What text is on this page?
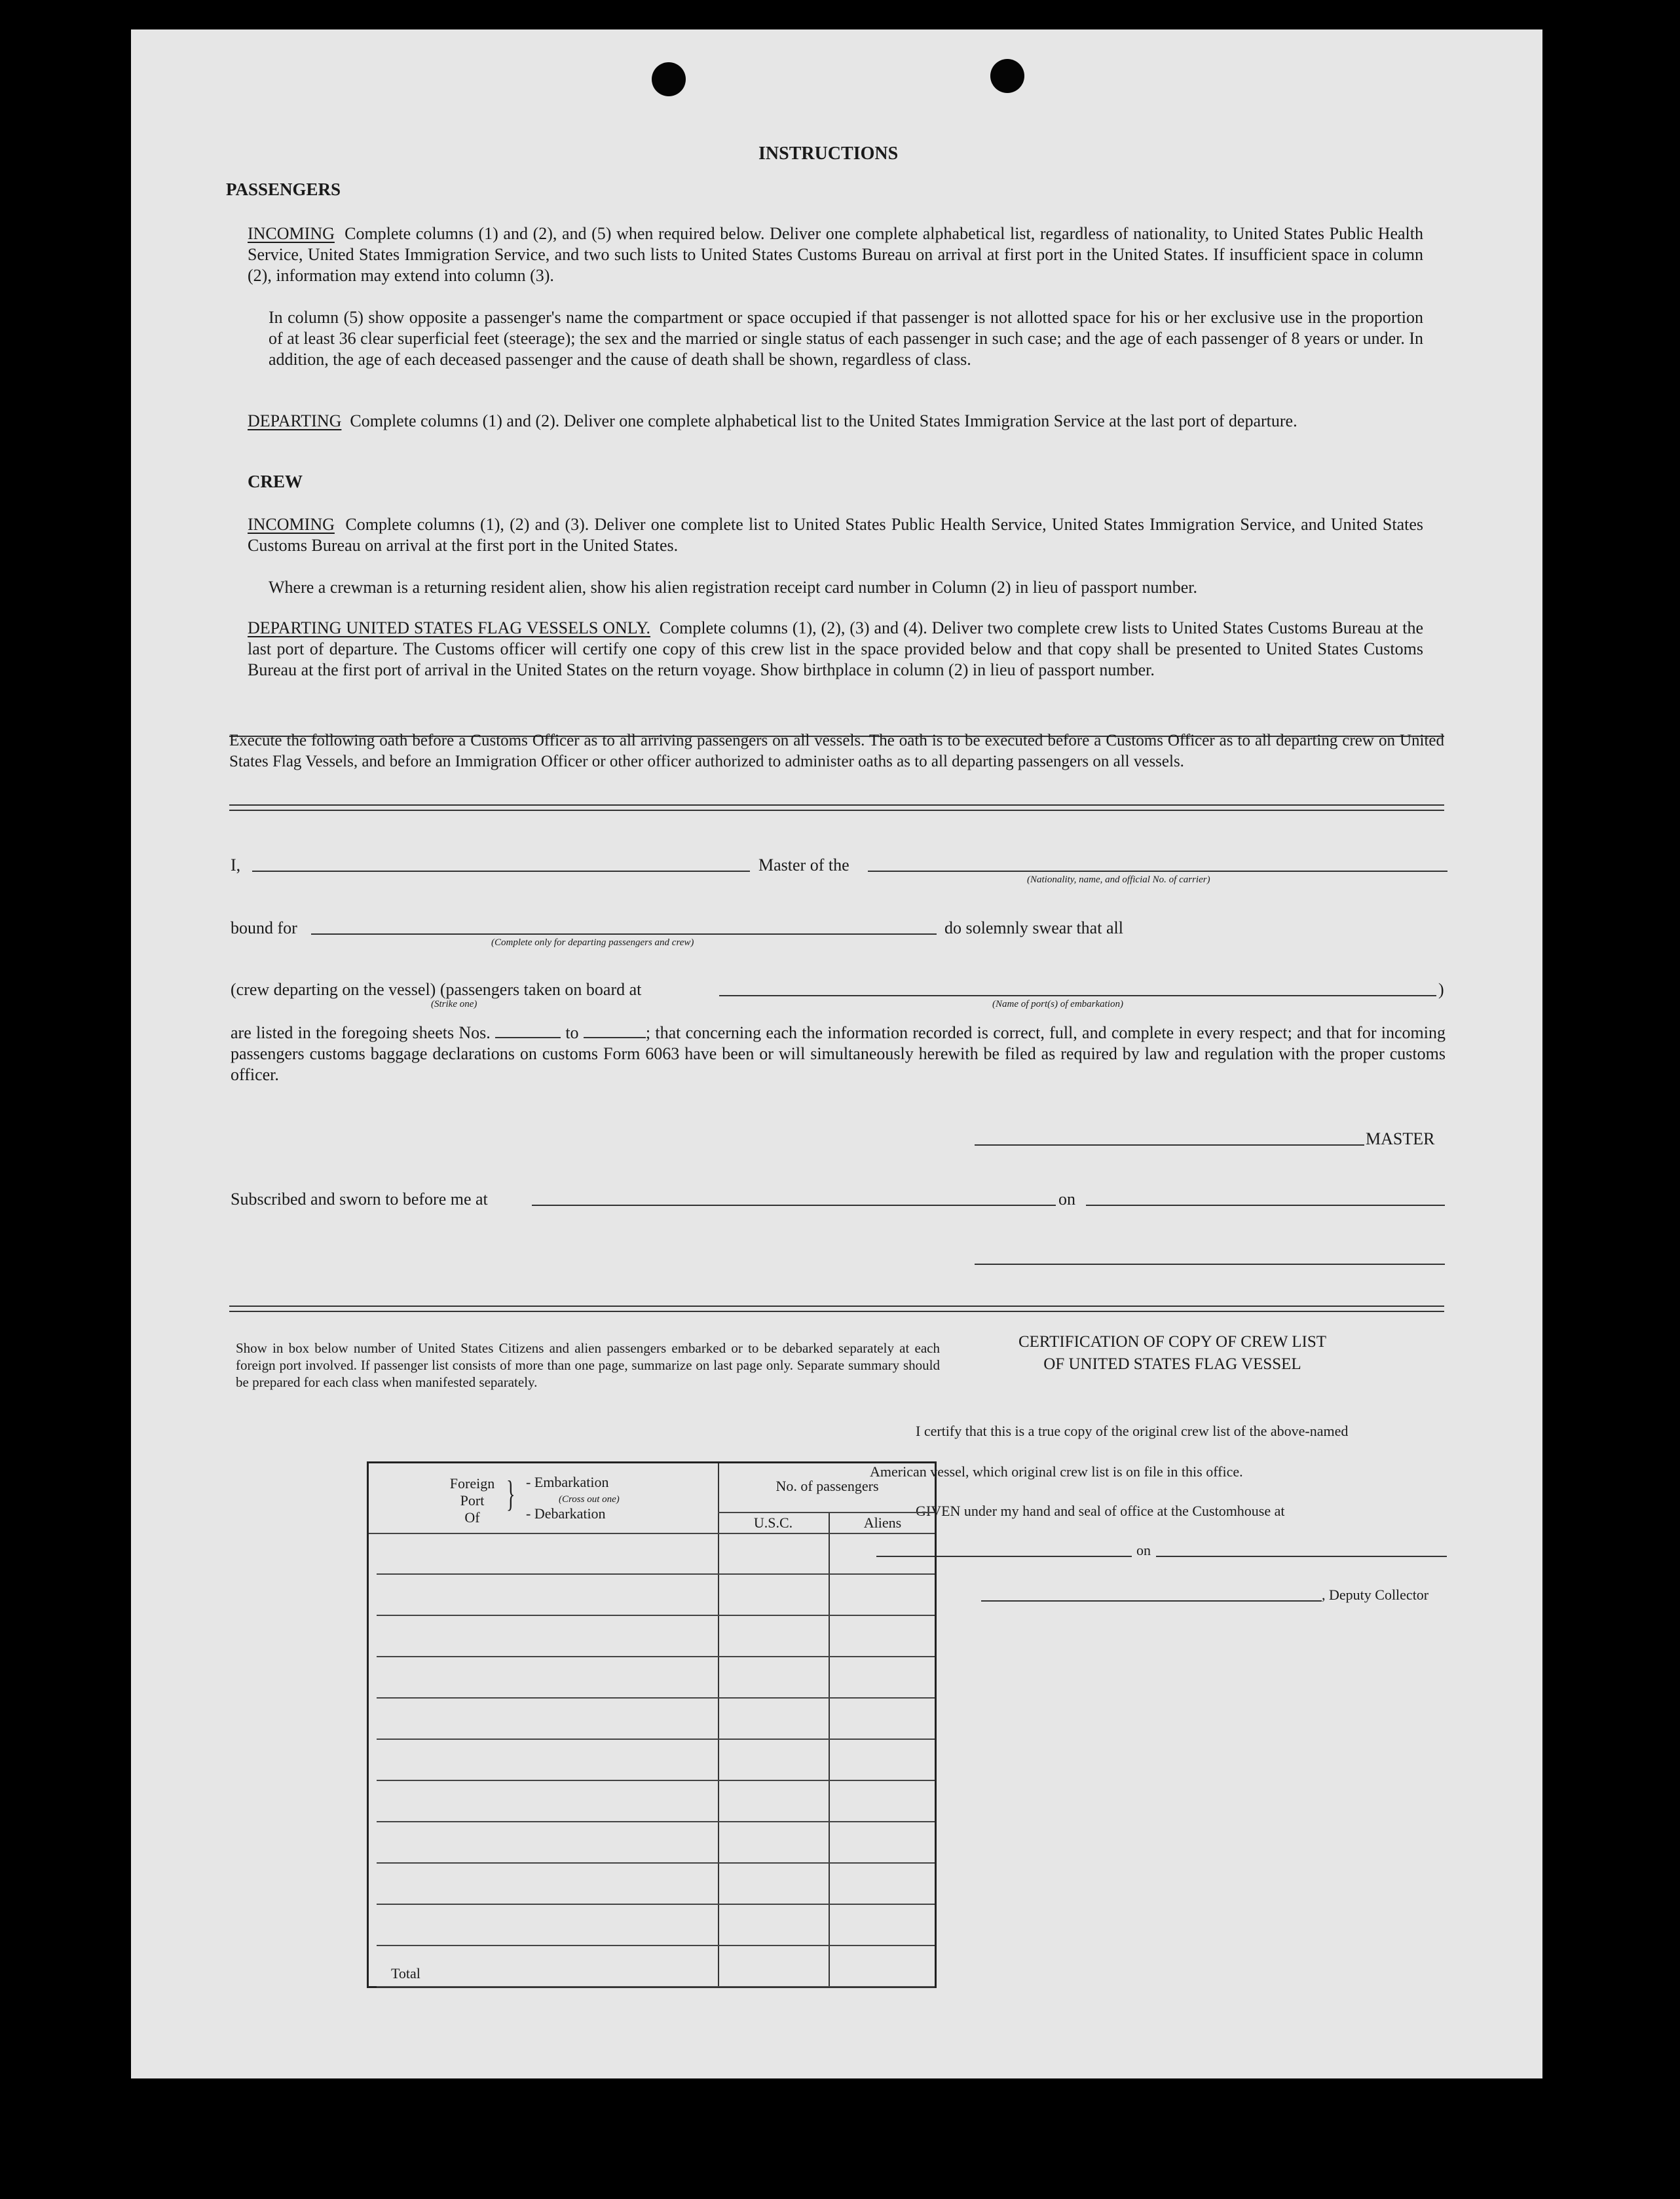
INSTRUCTIONS
PASSENGERS
INCOMING Complete columns (1) and (2), and (5) when required below. Deliver one complete alphabetical list, regardless of nationality, to United States Public Health Service, United States Immigration Service, and two such lists to United States Customs Bureau on arrival at first port in the United States. If insufficient space in column (2), information may extend into column (3).
In column (5) show opposite a passenger's name the compartment or space occupied if that passenger is not allotted space for his or her exclusive use in the proportion of at least 36 clear superficial feet (steerage); the sex and the married or single status of each passenger in such case; and the age of each passenger of 8 years or under. In addition, the age of each deceased passenger and the cause of death shall be shown, regardless of class.
DEPARTING Complete columns (1) and (2). Deliver one complete alphabetical list to the United States Immigration Service at the last port of departure.
CREW
INCOMING Complete columns (1), (2) and (3). Deliver one complete list to United States Public Health Service, United States Immigration Service, and United States Customs Bureau on arrival at the first port in the United States.
Where a crewman is a returning resident alien, show his alien registration receipt card number in Column (2) in lieu of passport number.
DEPARTING UNITED STATES FLAG VESSELS ONLY. Complete columns (1), (2), (3) and (4). Deliver two complete crew lists to United States Customs Bureau at the last port of departure. The Customs officer will certify one copy of this crew list in the space provided below and that copy shall be presented to United States Customs Bureau at the first port of arrival in the United States on the return voyage. Show birthplace in column (2) in lieu of passport number.
Execute the following oath before a Customs Officer as to all arriving passengers on all vessels. The oath is to be executed before a Customs Officer as to all departing crew on United States Flag Vessels, and before an Immigration Officer or other officer authorized to administer oaths as to all departing passengers on all vessels.
I,	Master of the
(Nationality, name, and official No. of carrier)
bound for
(Complete only for departing passengers and crew)
do solemnly swear that all
(crew departing on the vessel) (passengers taken on board at	)
(Strike one)	(Name of port(s) of embarkation)
are listed in the foregoing sheets Nos.	to	; that concerning each the information recorded is correct, full, and complete in every respect; and that for incoming passengers customs baggage declarations on customs Form 6063 have been or will simultaneously herewith be filed as required by law and regulation with the proper customs officer.
MASTER
Subscribed and sworn to before me at	on
Show in box below number of United States Citizens and alien passengers embarked or to be debarked separately at each foreign port involved. If passenger list consists of more than one page, summarize on last page only. Separate summary should be prepared for each class when manifested separately.
CERTIFICATION OF COPY OF CREW LIST
OF UNITED STATES FLAG VESSEL
I certify that this is a true copy of the original crew list of the above-named
American vessel, which original crew list is on file in this office.
GIVEN under my hand and seal of office at the Customhouse at
on
, Deputy Collector
Foreign
Port
Of
} - Embarkation
(Cross out one)
- Debarkation
No. of passengers
U.S.C.	Aliens
Total
